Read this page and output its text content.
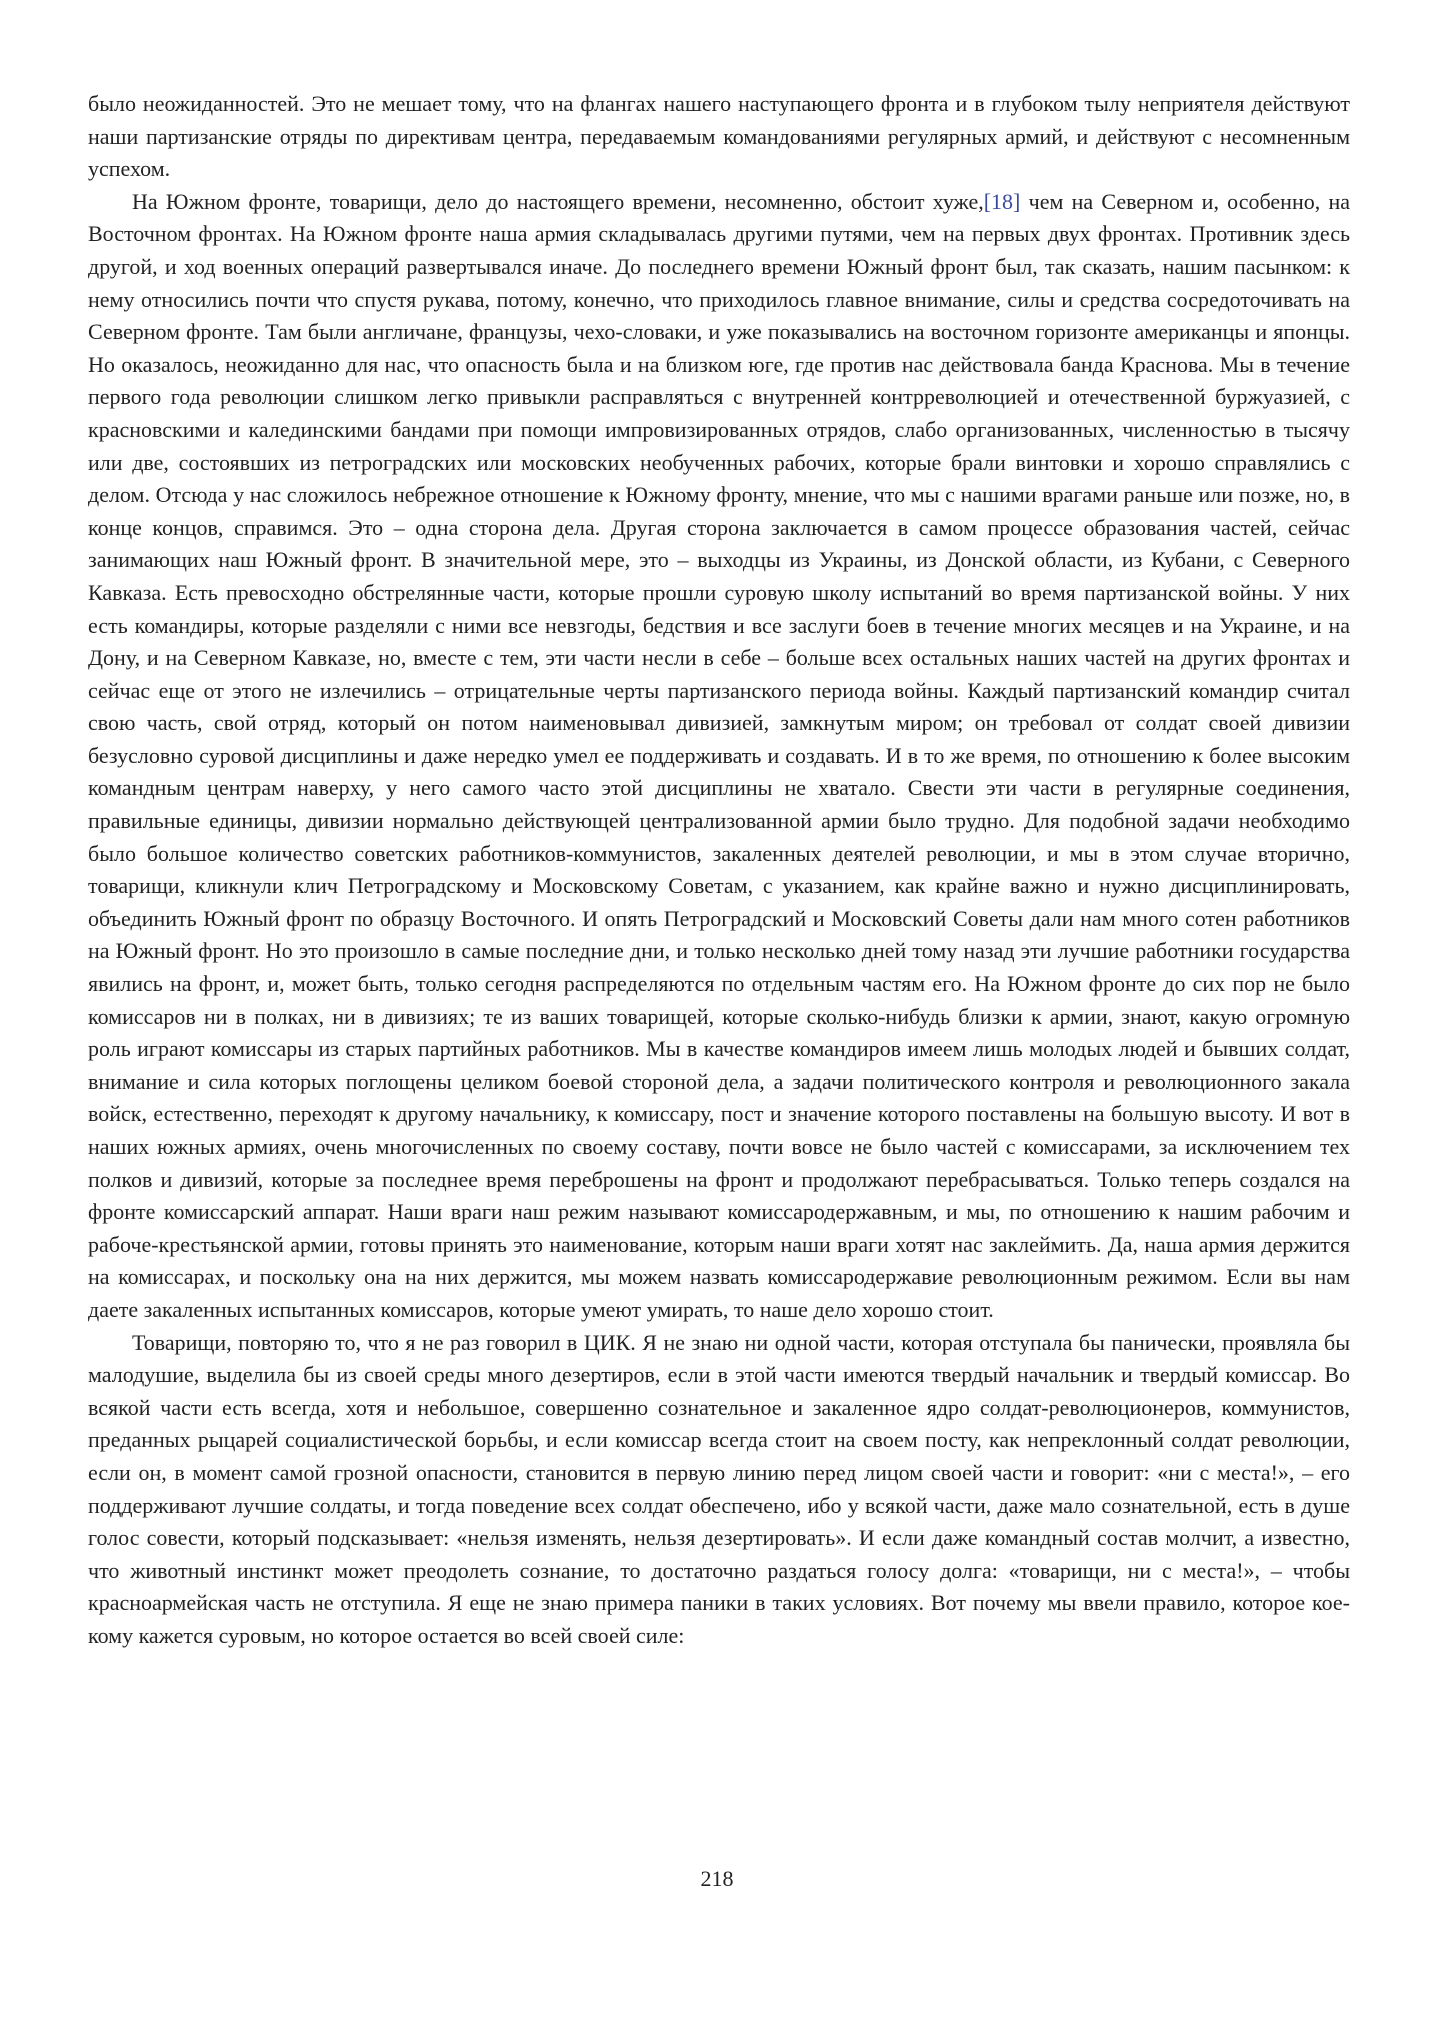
было неожиданностей. Это не мешает тому, что на флангах нашего наступающего фронта и в глубоком тылу неприятеля действуют наши партизанские отряды по директивам центра, передаваемым командованиями регулярных армий, и действуют с несомненным успехом.

На Южном фронте, товарищи, дело до настоящего времени, несомненно, обстоит хуже,[18] чем на Северном и, особенно, на Восточном фронтах. На Южном фронте наша армия складывалась другими путями, чем на первых двух фронтах. Противник здесь другой, и ход военных операций развертывался иначе. До последнего времени Южный фронт был, так сказать, нашим пасынком: к нему относились почти что спустя рукава, потому, конечно, что приходилось главное внимание, силы и средства сосредоточивать на Северном фронте. Там были англичане, французы, чехо-словаки, и уже показывались на восточном горизонте американцы и японцы. Но оказалось, неожиданно для нас, что опасность была и на близком юге, где против нас действовала банда Краснова. Мы в течение первого года революции слишком легко привыкли расправляться с внутренней контрреволюцией и отечественной буржуазией, с красновскими и калединскими бандами при помощи импровизированных отрядов, слабо организованных, численностью в тысячу или две, состоявших из петроградских или московских необученных рабочих, которые брали винтовки и хорошо справлялись с делом. Отсюда у нас сложилось небрежное отношение к Южному фронту, мнение, что мы с нашими врагами раньше или позже, но, в конце концов, справимся. Это – одна сторона дела. Другая сторона заключается в самом процессе образования частей, сейчас занимающих наш Южный фронт. В значительной мере, это – выходцы из Украины, из Донской области, из Кубани, с Северного Кавказа. Есть превосходно обстрелянные части, которые прошли суровую школу испытаний во время партизанской войны. У них есть командиры, которые разделяли с ними все невзгоды, бедствия и все заслуги боев в течение многих месяцев и на Украине, и на Дону, и на Северном Кавказе, но, вместе с тем, эти части несли в себе – больше всех остальных наших частей на других фронтах и сейчас еще от этого не излечились – отрицательные черты партизанского периода войны. Каждый партизанский командир считал свою часть, свой отряд, который он потом наименовывал дивизией, замкнутым миром; он требовал от солдат своей дивизии безусловно суровой дисциплины и даже нередко умел ее поддерживать и создавать. И в то же время, по отношению к более высоким командным центрам наверху, у него самого часто этой дисциплины не хватало. Свести эти части в регулярные соединения, правильные единицы, дивизии нормально действующей централизованной армии было трудно. Для подобной задачи необходимо было большое количество советских работников-коммунистов, закаленных деятелей революции, и мы в этом случае вторично, товарищи, кликнули клич Петроградскому и Московскому Советам, с указанием, как крайне важно и нужно дисциплинировать, объединить Южный фронт по образцу Восточного. И опять Петроградский и Московский Советы дали нам много сотен работников на Южный фронт. Но это произошло в самые последние дни, и только несколько дней тому назад эти лучшие работники государства явились на фронт, и, может быть, только сегодня распределяются по отдельным частям его. На Южном фронте до сих пор не было комиссаров ни в полках, ни в дивизиях; те из ваших товарищей, которые сколько-нибудь близки к армии, знают, какую огромную роль играют комиссары из старых партийных работников. Мы в качестве командиров имеем лишь молодых людей и бывших солдат, внимание и сила которых поглощены целиком боевой стороной дела, а задачи политического контроля и революционного закала войск, естественно, переходят к другому начальнику, к комиссару, пост и значение которого поставлены на большую высоту. И вот в наших южных армиях, очень многочисленных по своему составу, почти вовсе не было частей с комиссарами, за исключением тех полков и дивизий, которые за последнее время переброшены на фронт и продолжают перебрасываться. Только теперь создался на фронте комиссарский аппарат. Наши враги наш режим называют комиссародержавным, и мы, по отношению к нашим рабочим и рабоче-крестьянской армии, готовы принять это наименование, которым наши враги хотят нас заклеймить. Да, наша армия держится на комиссарах, и поскольку она на них держится, мы можем назвать комиссародержавие революционным режимом. Если вы нам даете закаленных испытанных комиссаров, которые умеют умирать, то наше дело хорошо стоит.

Товарищи, повторяю то, что я не раз говорил в ЦИК. Я не знаю ни одной части, которая отступала бы панически, проявляла бы малодушие, выделила бы из своей среды много дезертиров, если в этой части имеются твердый начальник и твердый комиссар. Во всякой части есть всегда, хотя и небольшое, совершенно сознательное и закаленное ядро солдат-революционеров, коммунистов, преданных рыцарей социалистической борьбы, и если комиссар всегда стоит на своем посту, как непреклонный солдат революции, если он, в момент самой грозной опасности, становится в первую линию перед лицом своей части и говорит: «ни с места!», – его поддерживают лучшие солдаты, и тогда поведение всех солдат обеспечено, ибо у всякой части, даже мало сознательной, есть в душе голос совести, который подсказывает: «нельзя изменять, нельзя дезертировать». И если даже командный состав молчит, а известно, что животный инстинкт может преодолеть сознание, то достаточно раздаться голосу долга: «товарищи, ни с места!», – чтобы красноармейская часть не отступила. Я еще не знаю примера паники в таких условиях. Вот почему мы ввели правило, которое кое-кому кажется суровым, но которое остается во всей своей силе:

218
